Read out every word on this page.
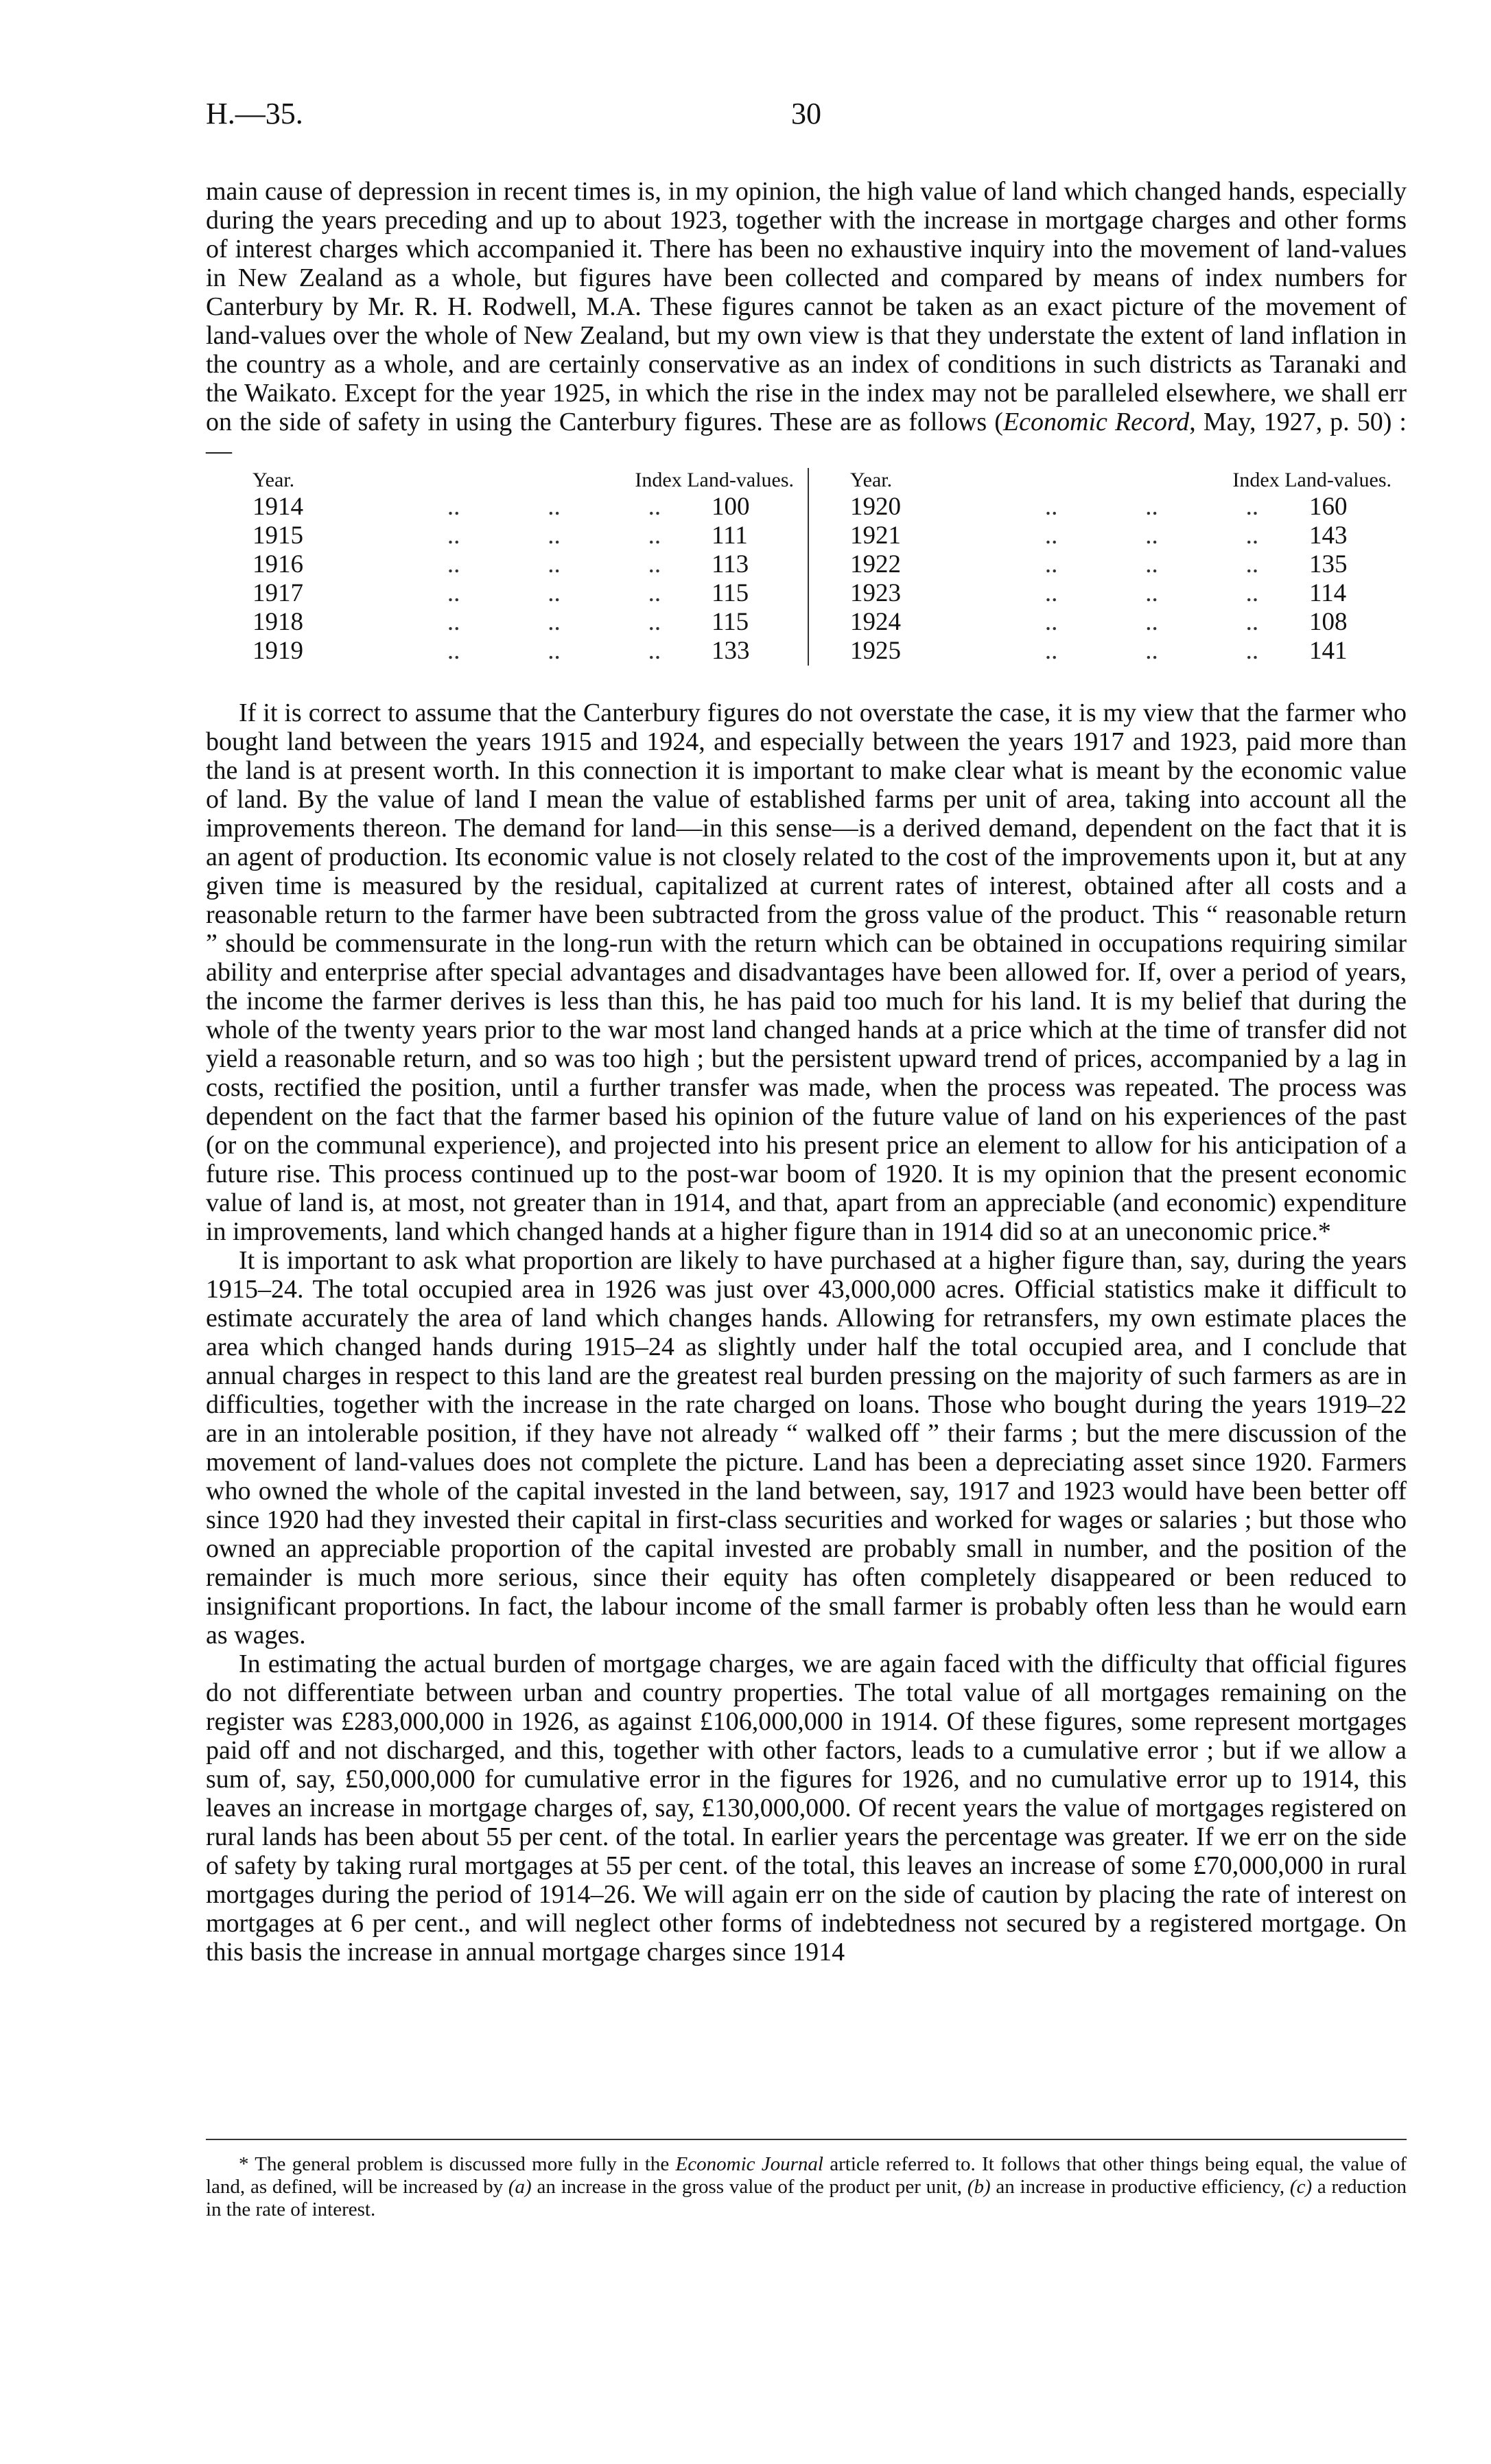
H.—35.	30

main cause of depression in recent times is, in my opinion, the high value of land which changed hands, especially during the years preceding and up to about 1923, together with the increase in mortgage charges and other forms of interest charges which accompanied it. There has been no exhaustive inquiry into the movement of land-values in New Zealand as a whole, but figures have been collected and compared by means of index numbers for Canterbury by Mr. R. H. Rodwell, M.A. These figures cannot be taken as an exact picture of the movement of land-values over the whole of New Zealand, but my own view is that they understate the extent of land inflation in the country as a whole, and are certainly conservative as an index of conditions in such districts as Taranaki and the Waikato. Except for the year 1925, in which the rise in the index may not be paralleled elsewhere, we shall err on the side of safety in using the Canterbury figures. These are as follows (Economic Record, May, 1927, p. 50) :—

Year.	Index Land-values.
1914	..	..	.. 100
1915	..	..	.. 111
1916	..	..	.. 113
1917	..	..	.. 115
1918	..	..	.. 115
1919	..	..	.. 133
Year.	Index Land-values.
1920	..	..	.. 160
1921	..	..	.. 143
1922	..	..	.. 135
1923	..	..	.. 114
1924	..	..	.. 108
1925	..	..	.. 141

If it is correct to assume that the Canterbury figures do not overstate the case, it is my view that the farmer who bought land between the years 1915 and 1924, and especially between the years 1917 and 1923, paid more than the land is at present worth. In this connection it is important to make clear what is meant by the economic value of land. By the value of land I mean the value of established farms per unit of area, taking into account all the improvements thereon. The demand for land—in this sense—is a derived demand, dependent on the fact that it is an agent of production. Its economic value is not closely related to the cost of the improvements upon it, but at any given time is measured by the residual, capitalized at current rates of interest, obtained after all costs and a reasonable return to the farmer have been subtracted from the gross value of the product. This “ reasonable return ” should be commensurate in the long-run with the return which can be obtained in occupations requiring similar ability and enterprise after special advantages and disadvantages have been allowed for. If, over a period of years, the income the farmer derives is less than this, he has paid too much for his land. It is my belief that during the whole of the twenty years prior to the war most land changed hands at a price which at the time of transfer did not yield a reasonable return, and so was too high ; but the persistent upward trend of prices, accompanied by a lag in costs, rectified the position, until a further transfer was made, when the process was repeated. The process was dependent on the fact that the farmer based his opinion of the future value of land on his experiences of the past (or on the communal experience), and projected into his present price an element to allow for his anticipation of a future rise. This process continued up to the post-war boom of 1920. It is my opinion that the present economic value of land is, at most, not greater than in 1914, and that, apart from an appreciable (and economic) expenditure in improvements, land which changed hands at a higher figure than in 1914 did so at an uneconomic price.*

It is important to ask what proportion are likely to have purchased at a higher figure than, say, during the years 1915–24. The total occupied area in 1926 was just over 43,000,000 acres. Official statistics make it difficult to estimate accurately the area of land which changes hands. Allowing for retransfers, my own estimate places the area which changed hands during 1915–24 as slightly under half the total occupied area, and I conclude that annual charges in respect to this land are the greatest real burden pressing on the majority of such farmers as are in difficulties, together with the increase in the rate charged on loans. Those who bought during the years 1919–22 are in an intolerable position, if they have not already “ walked off ” their farms ; but the mere discussion of the movement of land-values does not complete the picture. Land has been a depreciating asset since 1920. Farmers who owned the whole of the capital invested in the land between, say, 1917 and 1923 would have been better off since 1920 had they invested their capital in first-class securities and worked for wages or salaries ; but those who owned an appreciable proportion of the capital invested are probably small in number, and the position of the remainder is much more serious, since their equity has often completely disappeared or been reduced to insignificant proportions. In fact, the labour income of the small farmer is probably often less than he would earn as wages.

In estimating the actual burden of mortgage charges, we are again faced with the difficulty that official figures do not differentiate between urban and country properties. The total value of all mortgages remaining on the register was £283,000,000 in 1926, as against £106,000,000 in 1914. Of these figures, some represent mortgages paid off and not discharged, and this, together with other factors, leads to a cumulative error ; but if we allow a sum of, say, £50,000,000 for cumulative error in the figures for 1926, and no cumulative error up to 1914, this leaves an increase in mortgage charges of, say, £130,000,000. Of recent years the value of mortgages registered on rural lands has been about 55 per cent. of the total. In earlier years the percentage was greater. If we err on the side of safety by taking rural mortgages at 55 per cent. of the total, this leaves an increase of some £70,000,000 in rural mortgages during the period of 1914–26. We will again err on the side of caution by placing the rate of interest on mortgages at 6 per cent., and will neglect other forms of indebtedness not secured by a registered mortgage. On this basis the increase in annual mortgage charges since 1914

* The general problem is discussed more fully in the Economic Journal article referred to. It follows that other things being equal, the value of land, as defined, will be increased by (a) an increase in the gross value of the product per unit, (b) an increase in productive efficiency, (c) a reduction in the rate of interest.
